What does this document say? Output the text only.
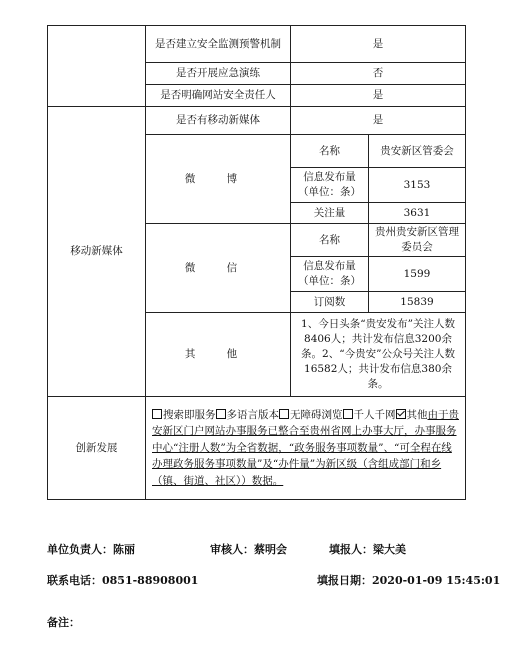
	是否建立安全监测预警机制	是	
	是否开展应急演练	否	
	是否明确网站安全责任人	是	
移动新媒体	是否有移动新媒体	是	
	微 博	名称	贵安新区管委会
		信息发布量（单位：条）	3153
		关注量	3631
	微 信	名称	贵州贵安新区管理委员会
		信息发布量（单位：条）	1599
		订阅数	15839
	其 他	1、今日头条“贵安发布”关注人数8406人；共计发布信息3200余条。2、“今贵安”公众号关注人数16582人；共计发布信息380余条。	
创新发展	搜索即服务 多语言版本 无障碍浏览 千人千网 其他由于贵安新区门户网站办事服务已整合至贵州省网上办事大厅，办事服务中心“注册人数”为全省数据，“政务服务事项数量”、“可全程在线办理政务服务事项数量”及“办件量”为新区级（含组成部门和乡（镇、街道、社区））数据。		
单位负责人：陈丽	审核人：蔡明会	填报人：梁大美
联系电话：0851-88908001	填报日期：2020-01-09 15:45:01
备注：
